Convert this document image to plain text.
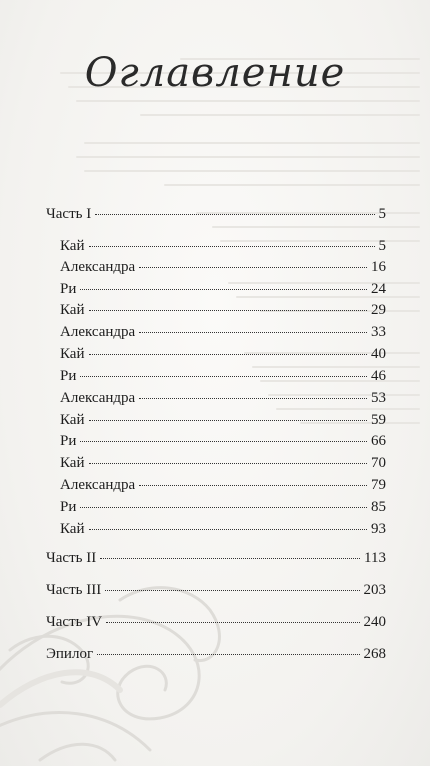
Оглавление
Часть I	5
Кай	5
Александра	16
Ри	24
Кай	29
Александра	33
Кай	40
Ри	46
Александра	53
Кай	59
Ри	66
Кай	70
Александра	79
Ри	85
Кай	93
Часть II	113
Часть III	203
Часть IV	240
Эпилог	268
